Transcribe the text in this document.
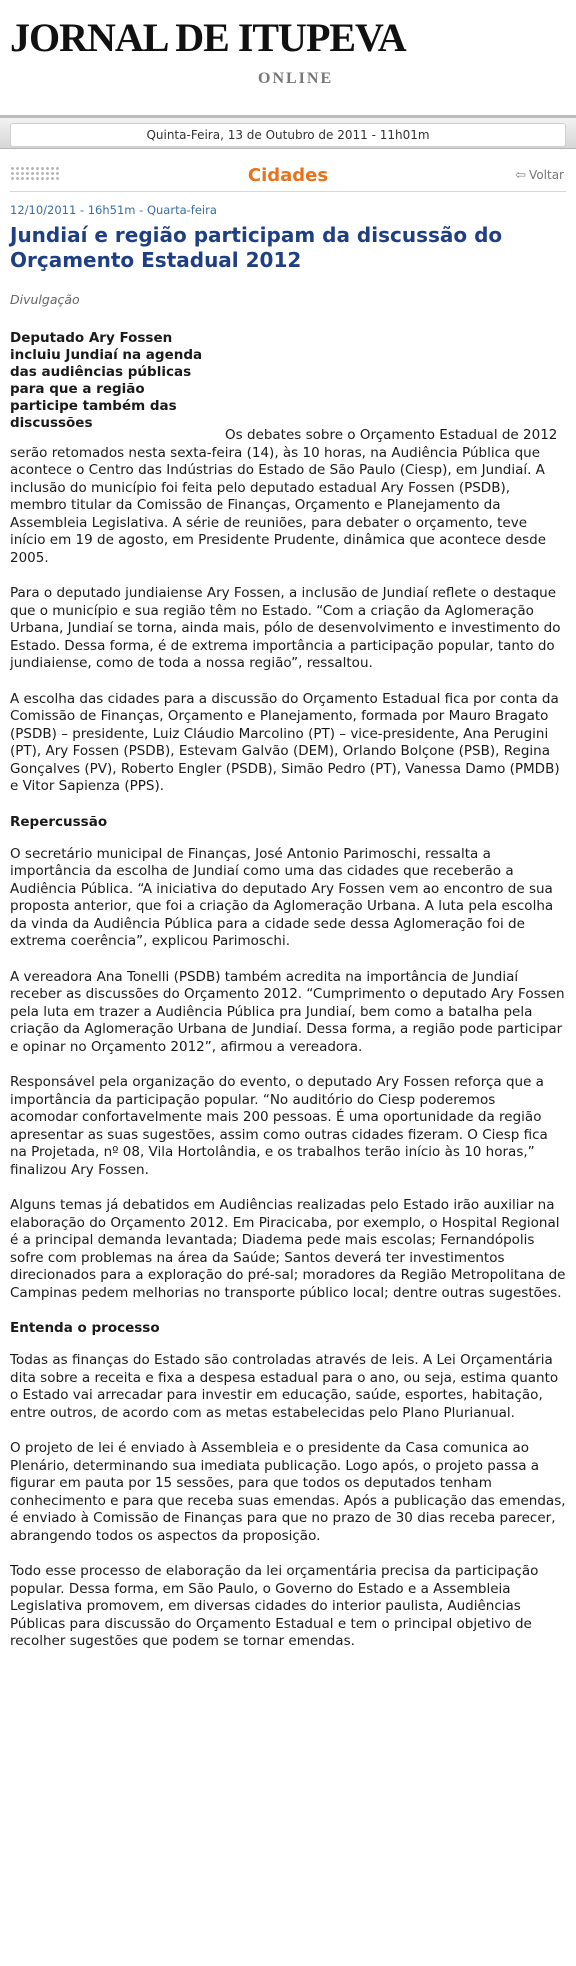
JORNAL DE ITUPEVA
ONLINE
Quinta-Feira, 13 de Outubro de 2011 - 11h01m
Cidades	⇦ Voltar
12/10/2011 - 16h51m - Quarta-feira
Jundiaí e região participam da discussão do Orçamento Estadual 2012
Divulgação
Deputado Ary Fossen incluiu Jundiaí na agenda das audiências públicas para que a região participe também das discussões

Os debates sobre o Orçamento Estadual de 2012 serão retomados nesta sexta-feira (14), às 10 horas, na Audiência Pública que acontece o Centro das Indústrias do Estado de São Paulo (Ciesp), em Jundiaí. A inclusão do município foi feita pelo deputado estadual Ary Fossen (PSDB), membro titular da Comissão de Finanças, Orçamento e Planejamento da Assembleia Legislativa. A série de reuniões, para debater o orçamento, teve início em 19 de agosto, em Presidente Prudente, dinâmica que acontece desde 2005.

Para o deputado jundiaiense Ary Fossen, a inclusão de Jundiaí reflete o destaque que o município e sua região têm no Estado. “Com a criação da Aglomeração Urbana, Jundiaí se torna, ainda mais, pólo de desenvolvimento e investimento do Estado. Dessa forma, é de extrema importância a participação popular, tanto do jundiaiense, como de toda a nossa região”, ressaltou.

A escolha das cidades para a discussão do Orçamento Estadual fica por conta da Comissão de Finanças, Orçamento e Planejamento, formada por Mauro Bragato (PSDB) – presidente, Luiz Cláudio Marcolino (PT) – vice-presidente, Ana Perugini (PT), Ary Fossen (PSDB), Estevam Galvão (DEM), Orlando Bolçone (PSB), Regina Gonçalves (PV), Roberto Engler (PSDB), Simão Pedro (PT), Vanessa Damo (PMDB) e Vitor Sapienza (PPS).

Repercussão

O secretário municipal de Finanças, José Antonio Parimoschi, ressalta a importância da escolha de Jundiaí como uma das cidades que receberão a Audiência Pública. “A iniciativa do deputado Ary Fossen vem ao encontro de sua proposta anterior, que foi a criação da Aglomeração Urbana. A luta pela escolha da vinda da Audiência Pública para a cidade sede dessa Aglomeração foi de extrema coerência”, explicou Parimoschi.

A vereadora Ana Tonelli (PSDB) também acredita na importância de Jundiaí receber as discussões do Orçamento 2012. “Cumprimento o deputado Ary Fossen pela luta em trazer a Audiência Pública pra Jundiaí, bem como a batalha pela criação da Aglomeração Urbana de Jundiaí. Dessa forma, a região pode participar e opinar no Orçamento 2012”, afirmou a vereadora.

Responsável pela organização do evento, o deputado Ary Fossen reforça que a importância da participação popular. “No auditório do Ciesp poderemos acomodar confortavelmente mais 200 pessoas. É uma oportunidade da região apresentar as suas sugestões, assim como outras cidades fizeram. O Ciesp fica na Projetada, nº 08, Vila Hortolândia, e os trabalhos terão início às 10 horas,” finalizou Ary Fossen.

Alguns temas já debatidos em Audiências realizadas pelo Estado irão auxiliar na elaboração do Orçamento 2012. Em Piracicaba, por exemplo, o Hospital Regional é a principal demanda levantada; Diadema pede mais escolas; Fernandópolis sofre com problemas na área da Saúde; Santos deverá ter investimentos direcionados para a exploração do pré-sal; moradores da Região Metropolitana de Campinas pedem melhorias no transporte público local; dentre outras sugestões.

Entenda o processo

Todas as finanças do Estado são controladas através de leis. A Lei Orçamentária dita sobre a receita e fixa a despesa estadual para o ano, ou seja, estima quanto o Estado vai arrecadar para investir em educação, saúde, esportes, habitação, entre outros, de acordo com as metas estabelecidas pelo Plano Plurianual.

O projeto de lei é enviado à Assembleia e o presidente da Casa comunica ao Plenário, determinando sua imediata publicação. Logo após, o projeto passa a figurar em pauta por 15 sessões, para que todos os deputados tenham conhecimento e para que receba suas emendas. Após a publicação das emendas, é enviado à Comissão de Finanças para que no prazo de 30 dias receba parecer, abrangendo todos os aspectos da proposição.

Todo esse processo de elaboração da lei orçamentária precisa da participação popular. Dessa forma, em São Paulo, o Governo do Estado e a Assembleia Legislativa promovem, em diversas cidades do interior paulista, Audiências Públicas para discussão do Orçamento Estadual e tem o principal objetivo de recolher sugestões que podem se tornar emendas.
